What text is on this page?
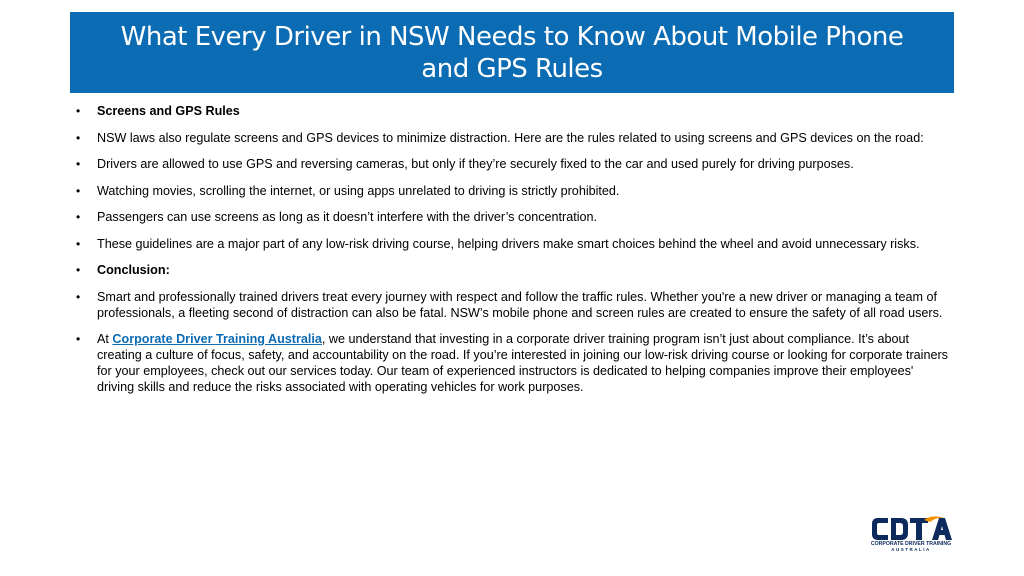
What Every Driver in NSW Needs to Know About Mobile Phone and GPS Rules
• Screens and GPS Rules
• NSW laws also regulate screens and GPS devices to minimize distraction. Here are the rules related to using screens and GPS devices on the road:
• Drivers are allowed to use GPS and reversing cameras, but only if they’re securely fixed to the car and used purely for driving purposes.
• Watching movies, scrolling the internet, or using apps unrelated to driving is strictly prohibited.
• Passengers can use screens as long as it doesn’t interfere with the driver’s concentration.
• These guidelines are a major part of any low-risk driving course, helping drivers make smart choices behind the wheel and avoid unnecessary risks.
• Conclusion:
• Smart and professionally trained drivers treat every journey with respect and follow the traffic rules. Whether you're a new driver or managing a team of professionals, a fleeting second of distraction can also be fatal. NSW’s mobile phone and screen rules are created to ensure the safety of all road users.
• At Corporate Driver Training Australia, we understand that investing in a corporate driver training program isn’t just about compliance. It’s about creating a culture of focus, safety, and accountability on the road. If you’re interested in joining our low-risk driving course or looking for corporate trainers for your employees, check out our services today. Our team of experienced instructors is dedicated to helping companies improve their employees' driving skills and reduce the risks associated with operating vehicles for work purposes.
CORPORATE DRIVER TRAINING
AUSTRALIA
